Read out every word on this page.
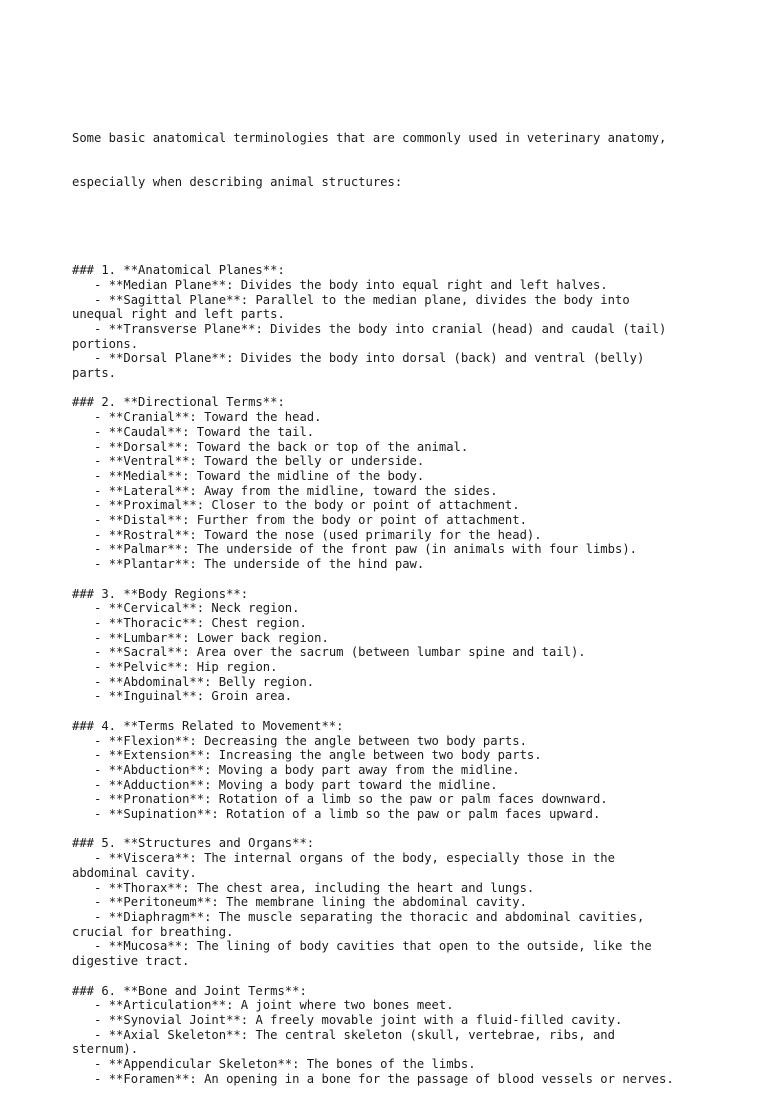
Some basic anatomical terminologies that are commonly used in veterinary anatomy,

especially when describing animal structures:

### 1. **Anatomical Planes**:
- **Median Plane**: Divides the body into equal right and left halves.
- **Sagittal Plane**: Parallel to the median plane, divides the body into
unequal right and left parts.
- **Transverse Plane**: Divides the body into cranial (head) and caudal (tail)
portions.
- **Dorsal Plane**: Divides the body into dorsal (back) and ventral (belly)
parts.
### 2. **Directional Terms**:
- **Cranial**: Toward the head.
- **Caudal**: Toward the tail.
- **Dorsal**: Toward the back or top of the animal.
- **Ventral**: Toward the belly or underside.
- **Medial**: Toward the midline of the body.
- **Lateral**: Away from the midline, toward the sides.
- **Proximal**: Closer to the body or point of attachment.
- **Distal**: Further from the body or point of attachment.
- **Rostral**: Toward the nose (used primarily for the head).
- **Palmar**: The underside of the front paw (in animals with four limbs).
- **Plantar**: The underside of the hind paw.
### 3. **Body Regions**:
- **Cervical**: Neck region.
- **Thoracic**: Chest region.
- **Lumbar**: Lower back region.
- **Sacral**: Area over the sacrum (between lumbar spine and tail).
- **Pelvic**: Hip region.
- **Abdominal**: Belly region.
- **Inguinal**: Groin area.
### 4. **Terms Related to Movement**:
- **Flexion**: Decreasing the angle between two body parts.
- **Extension**: Increasing the angle between two body parts.
- **Abduction**: Moving a body part away from the midline.
- **Adduction**: Moving a body part toward the midline.
- **Pronation**: Rotation of a limb so the paw or palm faces downward.
- **Supination**: Rotation of a limb so the paw or palm faces upward.
### 5. **Structures and Organs**:
- **Viscera**: The internal organs of the body, especially those in the
abdominal cavity.
- **Thorax**: The chest area, including the heart and lungs.
- **Peritoneum**: The membrane lining the abdominal cavity.
- **Diaphragm**: The muscle separating the thoracic and abdominal cavities,
crucial for breathing.
- **Mucosa**: The lining of body cavities that open to the outside, like the
digestive tract.
### 6. **Bone and Joint Terms**:
- **Articulation**: A joint where two bones meet.
- **Synovial Joint**: A freely movable joint with a fluid-filled cavity.
- **Axial Skeleton**: The central skeleton (skull, vertebrae, ribs, and
sternum).
- **Appendicular Skeleton**: The bones of the limbs.
- **Foramen**: An opening in a bone for the passage of blood vessels or nerves.
